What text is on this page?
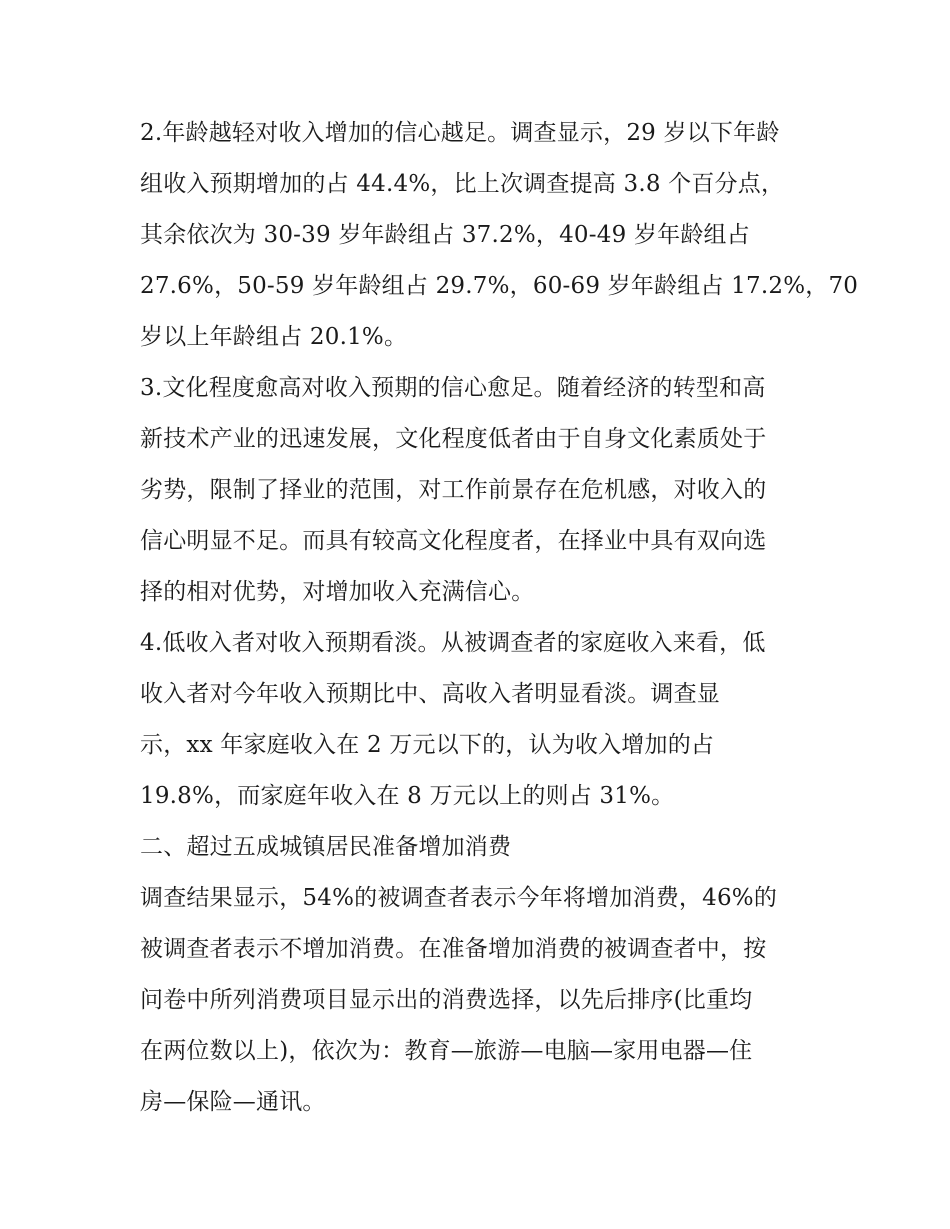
2.年龄越轻对收入增加的信心越足。调查显示，29 岁以下年龄
组收入预期增加的占 44.4%，比上次调查提高 3.8 个百分点，
其余依次为 30-39 岁年龄组占 37.2%，40-49 岁年龄组占
27.6%，50-59 岁年龄组占 29.7%，60-69 岁年龄组占 17.2%，70
岁以上年龄组占 20.1%。
3.文化程度愈高对收入预期的信心愈足。随着经济的转型和高
新技术产业的迅速发展，文化程度低者由于自身文化素质处于
劣势，限制了择业的范围，对工作前景存在危机感，对收入的
信心明显不足。而具有较高文化程度者，在择业中具有双向选
择的相对优势，对增加收入充满信心。
4.低收入者对收入预期看淡。从被调查者的家庭收入来看，低
收入者对今年收入预期比中、高收入者明显看淡。调查显
示，xx 年家庭收入在 2 万元以下的，认为收入增加的占
19.8%，而家庭年收入在 8 万元以上的则占 31%。
二、超过五成城镇居民准备增加消费
调查结果显示，54%的被调查者表示今年将增加消费，46%的
被调查者表示不增加消费。在准备增加消费的被调查者中，按
问卷中所列消费项目显示出的消费选择，以先后排序(比重均
在两位数以上)，依次为：教育—旅游—电脑—家用电器—住
房—保险—通讯。
